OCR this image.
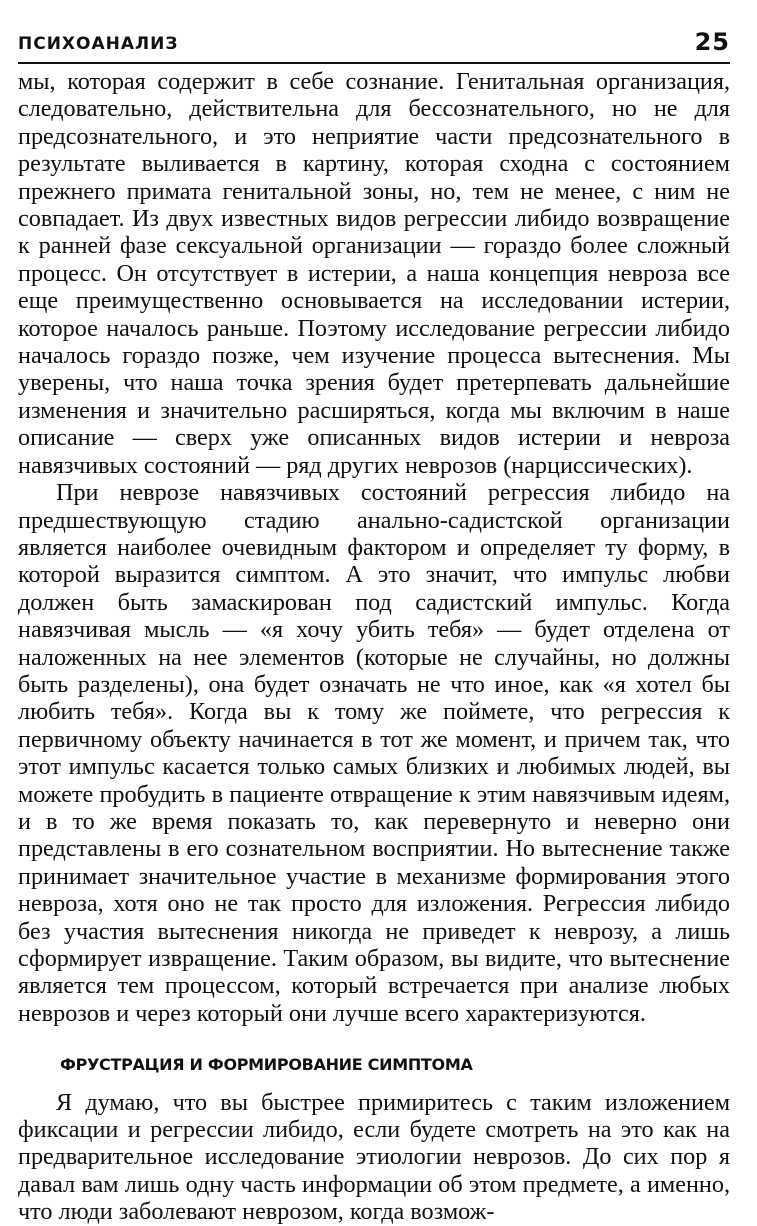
ПСИХОАНАЛИЗ	25

мы, которая содержит в себе сознание. Генитальная организация, следовательно, действительна для бессознательного, но не для предсознательного, и это неприятие части предсознательного в результате выливается в картину, которая сходна с состоянием прежнего примата генитальной зоны, но, тем не менее, с ним не совпадает. Из двух известных видов регрессии либидо возвращение к ранней фазе сексуальной организации — гораздо более сложный процесс. Он отсутствует в истерии, а наша концепция невроза все еще преимущественно основывается на исследовании истерии, которое началось раньше. Поэтому исследование регрессии либидо началось гораздо позже, чем изучение процесса вытеснения. Мы уверены, что наша точка зрения будет претерпевать дальнейшие изменения и значительно расширяться, когда мы включим в наше описание — сверх уже описанных видов истерии и невроза навязчивых состояний — ряд других неврозов (нарциссических).

При неврозе навязчивых состояний регрессия либидо на предшествующую стадию анально-садистской организации является наиболее очевидным фактором и определяет ту форму, в которой выразится симптом. А это значит, что импульс любви должен быть замаскирован под садистский импульс. Когда навязчивая мысль — «я хочу убить тебя» — будет отделена от наложенных на нее элементов (которые не случайны, но должны быть разделены), она будет означать не что иное, как «я хотел бы любить тебя». Когда вы к тому же поймете, что регрессия к первичному объекту начинается в тот же момент, и причем так, что этот импульс касается только самых близких и любимых людей, вы можете пробудить в пациенте отвращение к этим навязчивым идеям, и в то же время показать то, как перевернуто и неверно они представлены в его сознательном восприятии. Но вытеснение также принимает значительное участие в механизме формирования этого невроза, хотя оно не так просто для изложения. Регрессия либидо без участия вытеснения никогда не приведет к неврозу, а лишь сформирует извращение. Таким образом, вы видите, что вытеснение является тем процессом, который встречается при анализе любых неврозов и через который они лучше всего характеризуются.

ФРУСТРАЦИЯ И ФОРМИРОВАНИЕ СИМПТОМА

Я думаю, что вы быстрее примиритесь с таким изложением фиксации и регрессии либидо, если будете смотреть на это как на предварительное исследование этиологии неврозов. До сих пор я давал вам лишь одну часть информации об этом предмете, а именно, что люди заболевают неврозом, когда возмож-
